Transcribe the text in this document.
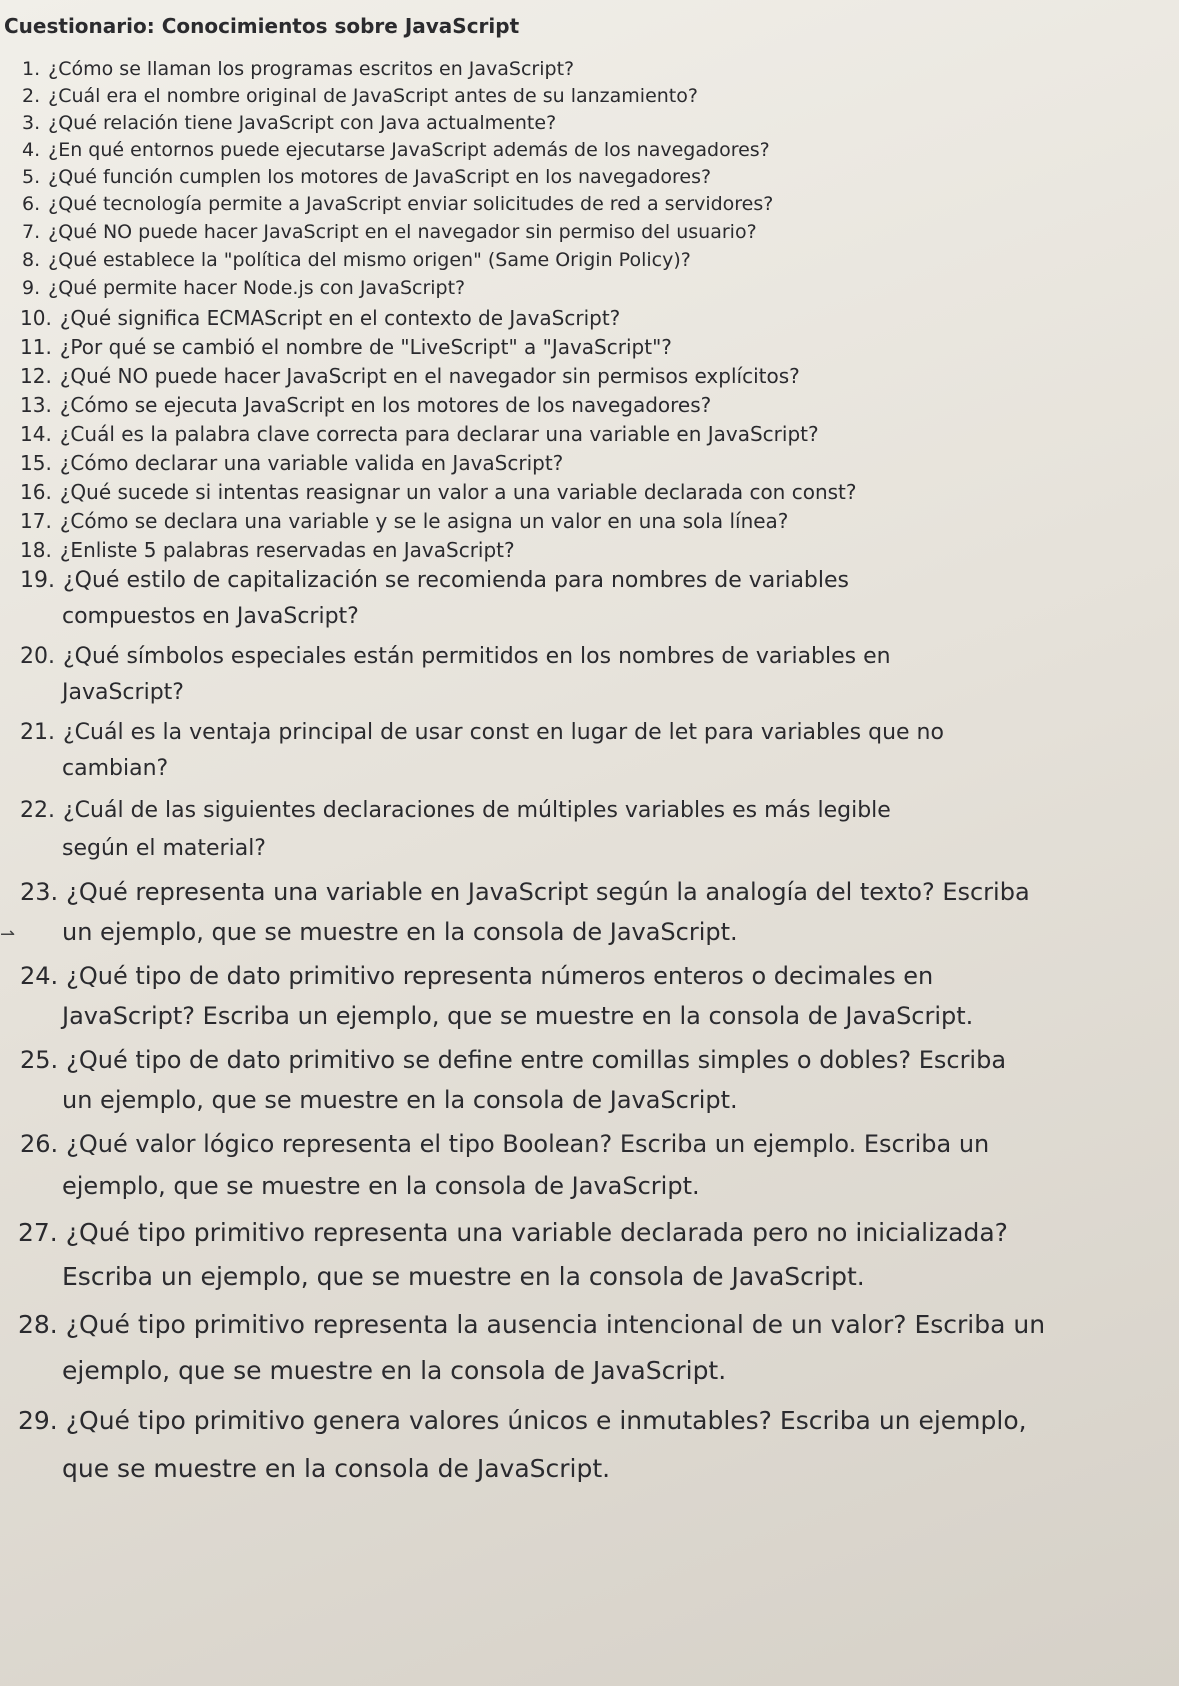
Cuestionario: Conocimientos sobre JavaScript
⇀
1. ¿Cómo se llaman los programas escritos en JavaScript?
2. ¿Cuál era el nombre original de JavaScript antes de su lanzamiento?
3. ¿Qué relación tiene JavaScript con Java actualmente?
4. ¿En qué entornos puede ejecutarse JavaScript además de los navegadores?
5. ¿Qué función cumplen los motores de JavaScript en los navegadores?
6. ¿Qué tecnología permite a JavaScript enviar solicitudes de red a servidores?
7. ¿Qué NO puede hacer JavaScript en el navegador sin permiso del usuario?
8. ¿Qué establece la "política del mismo origen" (Same Origin Policy)?
9. ¿Qué permite hacer Node.js con JavaScript?
10. ¿Qué significa ECMAScript en el contexto de JavaScript?
11. ¿Por qué se cambió el nombre de "LiveScript" a "JavaScript"?
12. ¿Qué NO puede hacer JavaScript en el navegador sin permisos explícitos?
13. ¿Cómo se ejecuta JavaScript en los motores de los navegadores?
14. ¿Cuál es la palabra clave correcta para declarar una variable en JavaScript?
15. ¿Cómo declarar una variable valida en JavaScript?
16. ¿Qué sucede si intentas reasignar un valor a una variable declarada con const?
17. ¿Cómo se declara una variable y se le asigna un valor en una sola línea?
18. ¿Enliste 5 palabras reservadas en JavaScript?
19. ¿Qué estilo de capitalización se recomienda para nombres de variables
compuestos en JavaScript?
20. ¿Qué símbolos especiales están permitidos en los nombres de variables en
JavaScript?
21. ¿Cuál es la ventaja principal de usar const en lugar de let para variables que no
cambian?
22. ¿Cuál de las siguientes declaraciones de múltiples variables es más legible
según el material?
23. ¿Qué representa una variable en JavaScript según la analogía del texto? Escriba
un ejemplo, que se muestre en la consola de JavaScript.
24. ¿Qué tipo de dato primitivo representa números enteros o decimales en
JavaScript? Escriba un ejemplo, que se muestre en la consola de JavaScript.
25. ¿Qué tipo de dato primitivo se define entre comillas simples o dobles? Escriba
un ejemplo, que se muestre en la consola de JavaScript.
26. ¿Qué valor lógico representa el tipo Boolean? Escriba un ejemplo. Escriba un
ejemplo, que se muestre en la consola de JavaScript.
27. ¿Qué tipo primitivo representa una variable declarada pero no inicializada?
Escriba un ejemplo, que se muestre en la consola de JavaScript.
28. ¿Qué tipo primitivo representa la ausencia intencional de un valor? Escriba un
ejemplo, que se muestre en la consola de JavaScript.
29. ¿Qué tipo primitivo genera valores únicos e inmutables? Escriba un ejemplo,
que se muestre en la consola de JavaScript.
